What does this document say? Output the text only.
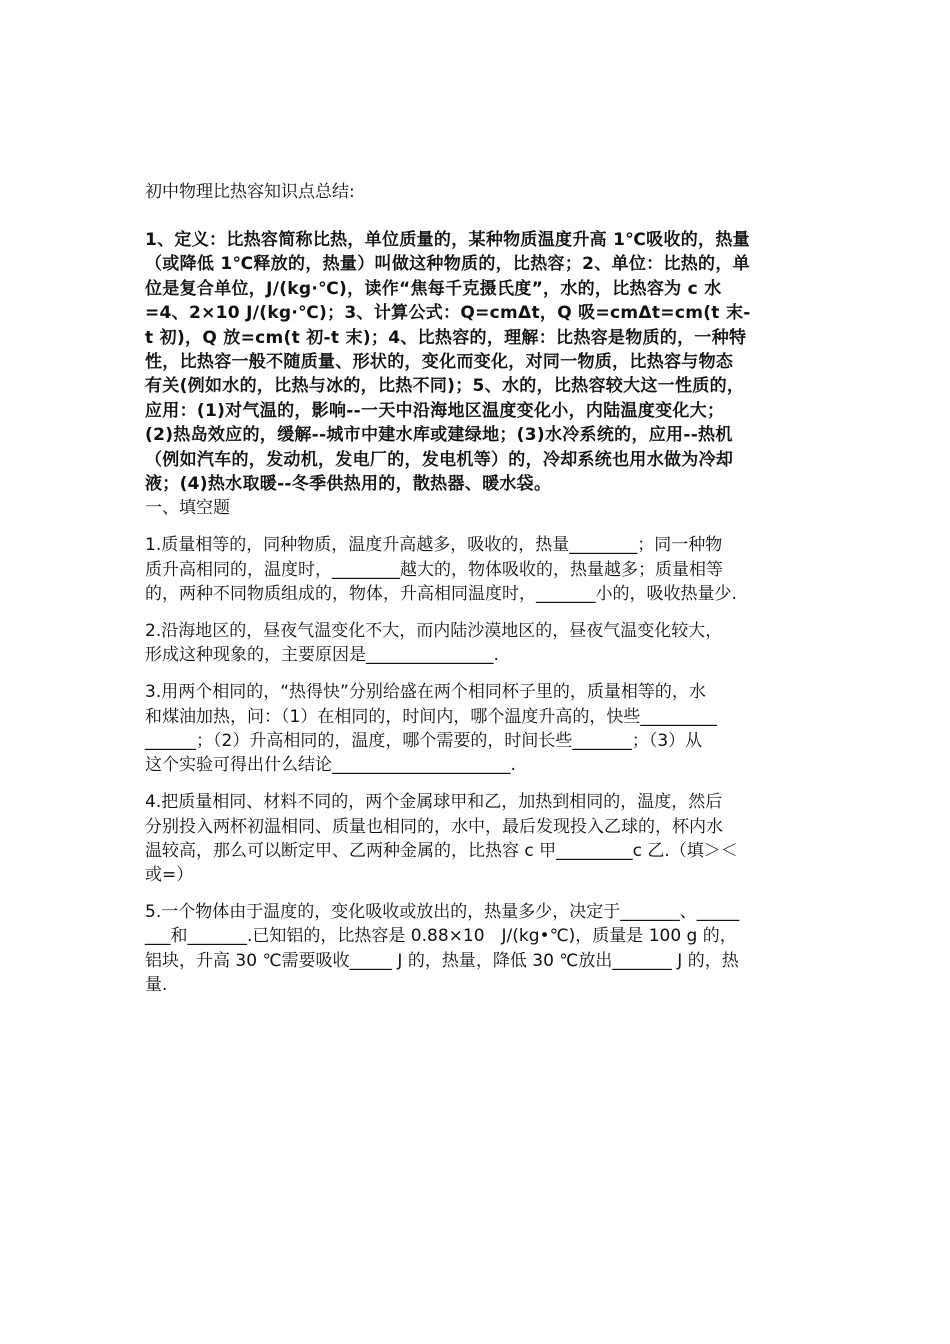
初中物理比热容知识点总结:
1、定义：比热容简称比热，单位质量的，某种物质温度升高 1℃吸收的，热量
（或降低 1℃释放的，热量）叫做这种物质的，比热容；2、单位：比热的，单
位是复合单位，J/(kg·℃)，读作“焦每千克摄氏度”，水的，比热容为 c 水
=4、2×10 J/(kg·℃)；3、计算公式：Q=cmΔt，Q 吸=cmΔt=cm(t 末-
t 初)，Q 放=cm(t 初-t 末)；4、比热容的，理解：比热容是物质的，一种特
性，比热容一般不随质量、形状的，变化而变化，对同一物质，比热容与物态
有关(例如水的，比热与冰的，比热不同)；5、水的，比热容较大这一性质的，
应用：(1)对气温的，影响--一天中沿海地区温度变化小，内陆温度变化大；
(2)热岛效应的，缓解--城市中建水库或建绿地；(3)水冷系统的，应用--热机
（例如汽车的，发动机，发电厂的，发电机等）的，冷却系统也用水做为冷却
液；(4)热水取暖--冬季供热用的，散热器、暖水袋。
一、填空题
1.质量相等的，同种物质，温度升高越多，吸收的，热量________；同一种物
质升高相同的，温度时，________越大的，物体吸收的，热量越多；质量相等
的，两种不同物质组成的，物体，升高相同温度时，_______小的，吸收热量少.
2.沿海地区的，昼夜气温变化不大，而内陆沙漠地区的，昼夜气温变化较大，
形成这种现象的，主要原因是_______________.
3.用两个相同的，“热得快”分别给盛在两个相同杯子里的，质量相等的，水
和煤油加热，问：（1）在相同的，时间内，哪个温度升高的，快些_________
______；（2）升高相同的，温度，哪个需要的，时间长些_______；（3）从
这个实验可得出什么结论_____________________.
4.把质量相同、材料不同的，两个金属球甲和乙，加热到相同的，温度，然后
分别投入两杯初温相同、质量也相同的，水中，最后发现投入乙球的，杯内水
温较高，那么可以断定甲、乙两种金属的，比热容 c 甲_________c 乙.（填＞＜
或=）
5.一个物体由于温度的，变化吸收或放出的，热量多少，决定于_______、_____
___和_______.已知铝的，比热容是 0.88×10　J/(kg•℃)，质量是 100 g 的，
铝块，升高 30 ℃需要吸收_____ J 的，热量，降低 30 ℃放出_______ J 的，热
量.
